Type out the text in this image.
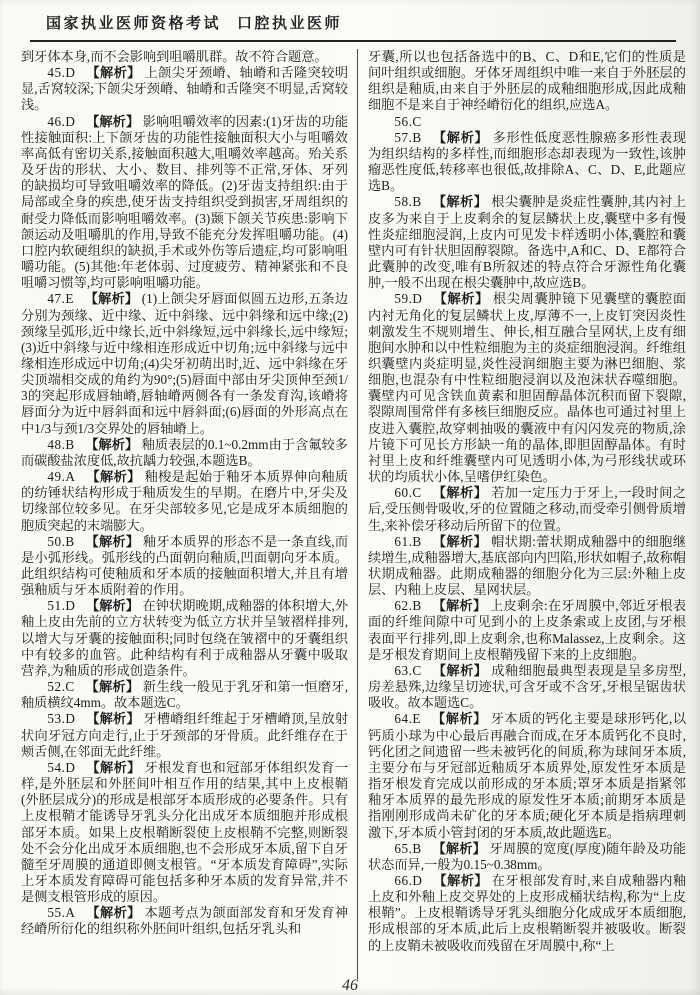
国家执业医师资格考试 口腔执业医师

到牙体本身,而不会影响到咀嚼肌群。故不符合题意。

45.D 【解析】 上颌尖牙颈嵴、轴嵴和舌隆突较明显,舌窝较深;下颌尖牙颈嵴、轴嵴和舌隆突不明显,舌窝较浅。

46.D 【解析】 影响咀嚼效率的因素:(1)牙齿的功能性接触面积:上下颌牙齿的功能性接触面积大小与咀嚼效率高低有密切关系,接触面积越大,咀嚼效率越高。殆关系及牙齿的形状、大小、数目、排列等不正常,牙体、牙列的缺损均可导致咀嚼效率的降低。(2)牙齿支持组织:由于局部或全身的疾患,使牙齿支持组织受到损害,牙周组织的耐受力降低而影响咀嚼效率。(3)颞下颌关节疾患:影响下颌运动及咀嚼肌的作用,导致不能充分发挥咀嚼功能。(4)口腔内软硬组织的缺损,手术或外伤等后遗症,均可影响咀嚼功能。(5)其他:年老体弱、过度疲劳、精神紧张和不良咀嚼习惯等,均可影响咀嚼功能。

47.E 【解析】 (1)上颌尖牙唇面似圆五边形,五条边分别为颈缘、近中缘、近中斜缘、远中斜缘和远中缘;(2)颈缘呈弧形,近中缘长,近中斜缘短,远中斜缘长,远中缘短;(3)近中斜缘与近中缘相连形成近中切角;远中斜缘与远中缘相连形成远中切角;(4)尖牙初萌出时,近、远中斜缘在牙尖顶端相交成的角约为90°;(5)唇面中部由牙尖顶伸至颈1/3的突起形成唇轴嵴,唇轴嵴两侧各有一条发育沟,该嵴将唇面分为近中唇斜面和远中唇斜面;(6)唇面的外形高点在中1/3与颈1/3交界处的唇轴嵴上。

48.B 【解析】 釉质表层的0.1~0.2mm由于含氟较多而碳酸盐浓度低,故抗龋力较强,本题选B。

49.A 【解析】 釉梭是起始于釉牙本质界伸向釉质的纺锤状结构形成于釉质发生的早期。在磨片中,牙尖及切缘部位较多见。在牙尖部较多见,它是成牙本质细胞的胞质突起的末端膨大。

50.B 【解析】 釉牙本质界的形态不是一条直线,而是小弧形线。弧形线的凸面朝向釉质,凹面朝向牙本质。此组织结构可使釉质和牙本质的接触面积增大,并且有增强釉质与牙本质附着的作用。

51.D 【解析】 在钟状期晚期,成釉器的体积增大,外釉上皮由先前的立方状转变为低立方状并呈皱褶样排列,以增大与牙囊的接触面积;同时包绕在皱褶中的牙囊组织中有较多的血管。此种结构有利于成釉器从牙囊中吸取营养,为釉质的形成创造条件。

52.C 【解析】 新生线一般见于乳牙和第一恒磨牙,釉质横纹4mm。故本题选C。

53.D 【解析】 牙槽嵴组纤维起于牙槽嵴顶,呈放射状向牙冠方向走行,止于牙颈部的牙骨质。此纤维存在于颊舌侧,在邻面无此纤维。

54.D 【解析】 牙根发育也和冠部牙体组织发育一样,是外胚层和外胚间叶相互作用的结果,其中上皮根鞘(外胚层成分)的形成是根部牙本质形成的必要条件。只有上皮根鞘才能诱导牙乳头分化出成牙本质细胞并形成根部牙本质。如果上皮根鞘断裂使上皮根鞘不完整,则断裂处不会分化出成牙本质细胞,也不会形成牙本质,留下自牙髓至牙周膜的通道即侧支根管。“牙本质发育障碍”,实际上牙本质发育障碍可能包括多种牙本质的发育异常,并不是侧支根管形成的原因。

55.A 【解析】 本题考点为颌面部发育和牙发育神经嵴所衍化的组织称外胚间叶组织,包括牙乳头和

牙囊,所以也包括备选中的B、C、D和E,它们的性质是间叶组织或细胞。牙体牙周组织中唯一来自于外胚层的组织是釉质,由来自于外胚层的成釉细胞形成,因此成釉细胞不是来自于神经嵴衍化的组织,应选A。

56.C

57.B 【解析】 多形性低度恶性腺癌多形性表现为组织结构的多样性,而细胞形态却表现为一致性,该肿瘤恶性度低,转移率也很低,故排除A、C、D、E,此题应选B。

58.B 【解析】 根尖囊肿是炎症性囊肿,其内衬上皮多为来自于上皮剩余的复层鳞状上皮,囊壁中多有慢性炎症细胞浸润,上皮内可见发卡样透明小体,囊腔和囊壁内可有针状胆固醇裂隙。备选中,A和C、D、E都符合此囊肿的改变,唯有B所叙述的特点符合牙源性角化囊肿,一般不出现在根尖囊肿中,故应选B。

59.D 【解析】 根尖周囊肿镜下见囊壁的囊腔面内衬无角化的复层鳞状上皮,厚薄不一,上皮钉突因炎性刺激发生不规则增生、伸长,相互融合呈网状,上皮有细胞间水肿和以中性粒细胞为主的炎症细胞浸润。纤维组织囊壁内炎症明显,炎性浸润细胞主要为淋巴细胞、浆细胞,也混杂有中性粒细胞浸润以及泡沫状吞噬细胞。囊壁内可见含铁血黄素和胆固醇晶体沉积而留下裂隙,裂隙周围常伴有多核巨细胞反应。晶体也可通过衬里上皮进入囊腔,故穿刺抽吸的囊液中有闪闪发亮的物质,涂片镜下可见长方形缺一角的晶体,即胆固醇晶体。有时衬里上皮和纤维囊壁内可见透明小体,为弓形线状或环状的均质状小体,呈嗜伊红染色。

60.C 【解析】 若加一定压力于牙上,一段时间之后,受压侧骨吸收,牙的位置随之移动,而受牵引侧骨质增生,来补偿牙移动后所留下的位置。

61.B 【解析】 帽状期:蕾状期成釉器中的细胞继续增生,成釉器增大,基底部向内凹陷,形状如帽子,故称帽状期成釉器。此期成釉器的细胞分化为三层:外釉上皮层、内釉上皮层、星网状层。

62.B 【解析】 上皮剩余:在牙周膜中,邻近牙根表面的纤维间隙中可见到小的上皮条索或上皮团,与牙根表面平行排列,即上皮剩余,也称Malassez,上皮剩余。这是牙根发育期间上皮根鞘残留下来的上皮细胞。

63.C 【解析】 成釉细胞最典型表现是呈多房型,房差悬殊,边缘呈切迹状,可含牙或不含牙,牙根呈锯齿状吸收。故本题选C。

64.E 【解析】 牙本质的钙化主要是球形钙化,以钙质小球为中心最后再融合而成,在牙本质钙化不良时,钙化团之间遗留一些未被钙化的间质,称为球间牙本质,主要分布与牙冠部近釉质牙本质界处,原发性牙本质是指牙根发育完成以前形成的牙本质;罩牙本质是指紧邻釉牙本质界的最先形成的原发性牙本质;前期牙本质是指刚刚形成尚未矿化的牙本质;硬化牙本质是指病理刺激下,牙本质小管封闭的牙本质,故此题选E。

65.B 【解析】 牙周膜的宽度(厚度)随年龄及功能状态而异,一般为0.15~0.38mm。

66.D 【解析】 在牙根部发育时,来自成釉器内釉上皮和外釉上皮交界处的上皮形成桶状结构,称为“上皮根鞘”。上皮根鞘诱导牙乳头细胞分化成成牙本质细胞,形成根部的牙本质,此后上皮根鞘断裂并被吸收。断裂的上皮鞘未被吸收而残留在牙周膜中,称“上

46
